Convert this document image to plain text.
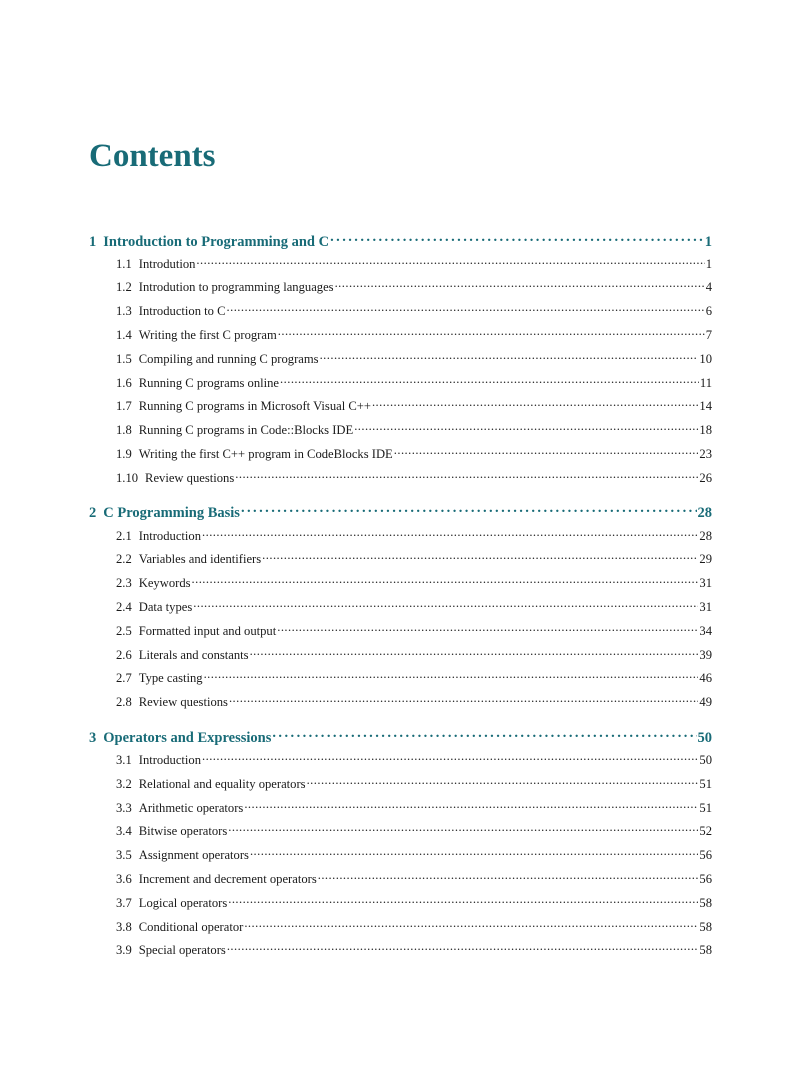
Contents
1 Introduction to Programming and C . . .	1
1.1 Introdution . . .	1
1.2 Introdution to programming languages . . .	4
1.3 Introduction to C . . .	6
1.4 Writing the first C program . . .	7
1.5 Compiling and running C programs . . .	10
1.6 Running C programs online . . .	11
1.7 Running C programs in Microsoft Visual C++ . . .	14
1.8 Running C programs in Code::Blocks IDE . . .	18
1.9 Writing the first C++ program in CodeBlocks IDE . . .	23
1.10 Review questions . . .	26
2 C Programming Basis . . .	28
2.1 Introduction . . .	28
2.2 Variables and identifiers . . .	29
2.3 Keywords . . .	31
2.4 Data types . . .	31
2.5 Formatted input and output . . .	34
2.6 Literals and constants . . .	39
2.7 Type casting . . .	46
2.8 Review questions . . .	49
3 Operators and Expressions . . .	50
3.1 Introduction . . .	50
3.2 Relational and equality operators . . .	51
3.3 Arithmetic operators . . .	51
3.4 Bitwise operators . . .	52
3.5 Assignment operators . . .	56
3.6 Increment and decrement operators . . .	56
3.7 Logical operators . . .	58
3.8 Conditional operator . . .	58
3.9 Special operators . . .	58
